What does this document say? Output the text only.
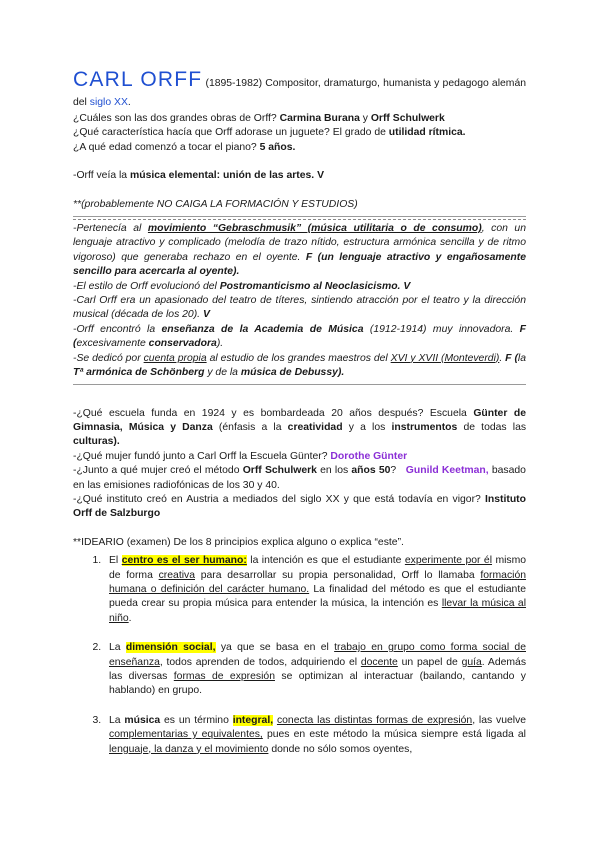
CARL ORFF (1895-1982) Compositor, dramaturgo, humanista y pedagogo alemán del siglo XX.

¿Cuáles son las dos grandes obras de Orff? Carmina Burana y Orff Schulwerk

¿Qué característica hacía que Orff adorase un juguete? El grado de utilidad rítmica.

¿A qué edad comenzó a tocar el piano? 5 años.

-Orff veía la música elemental: unión de las artes. V

**(probablemente NO CAIGA LA FORMACIÓN Y ESTUDIOS)

-Pertenecía al movimiento “Gebraschmusik” (música utilitaria o de consumo), con un lenguaje atractivo y complicado (melodía de trazo nítido, estructura armónica sencilla y de ritmo vigoroso) que generaba rechazo en el oyente. F (un lenguaje atractivo y engañosamente sencillo para acercarla al oyente).

-El estilo de Orff evolucionó del Postromanticismo al Neoclasicismo. V

-Carl Orff era un apasionado del teatro de títeres, sintiendo atracción por el teatro y la dirección musical (década de los 20). V

-Orff encontró la enseñanza de la Academia de Música (1912-1914) muy innovadora. F (excesivamente conservadora).

-Se dedicó por cuenta propia al estudio de los grandes maestros del XVI y XVII (Monteverdi). F (la Tª armónica de Schönberg y de la música de Debussy).

-¿Qué escuela funda en 1924 y es bombardeada 20 años después? Escuela Günter de Gimnasia, Música y Danza (énfasis a la creatividad y a los instrumentos de todas las culturas).

-¿Qué mujer fundó junto a Carl Orff la Escuela Günter? Dorothe Günter

-¿Junto a qué mujer creó el método Orff Schulwerk en los años 50? Gunild Keetman, basado en las emisiones radiofónicas de los 30 y 40.

-¿Qué instituto creó en Austria a mediados del siglo XX y que está todavía en vigor? Instituto Orff de Salzburgo

**IDEARIO (examen) De los 8 principios explica alguno o explica “este”.

1. El centro es el ser humano: la intención es que el estudiante experimente por él mismo de forma creativa para desarrollar su propia personalidad, Orff lo llamaba formación humana o definición del carácter humano. La finalidad del método es que el estudiante pueda crear su propia música para entender la música, la intención es llevar la música al niño.
2. La dimensión social, ya que se basa en el trabajo en grupo como forma social de enseñanza, todos aprenden de todos, adquiriendo el docente un papel de guía. Además las diversas formas de expresión se optimizan al interactuar (bailando, cantando y hablando) en grupo.
3. La música es un término integral, conecta las distintas formas de expresión, las vuelve complementarias y equivalentes, pues en este método la música siempre está ligada al lenguaje, la danza y el movimiento donde no sólo somos oyentes,
